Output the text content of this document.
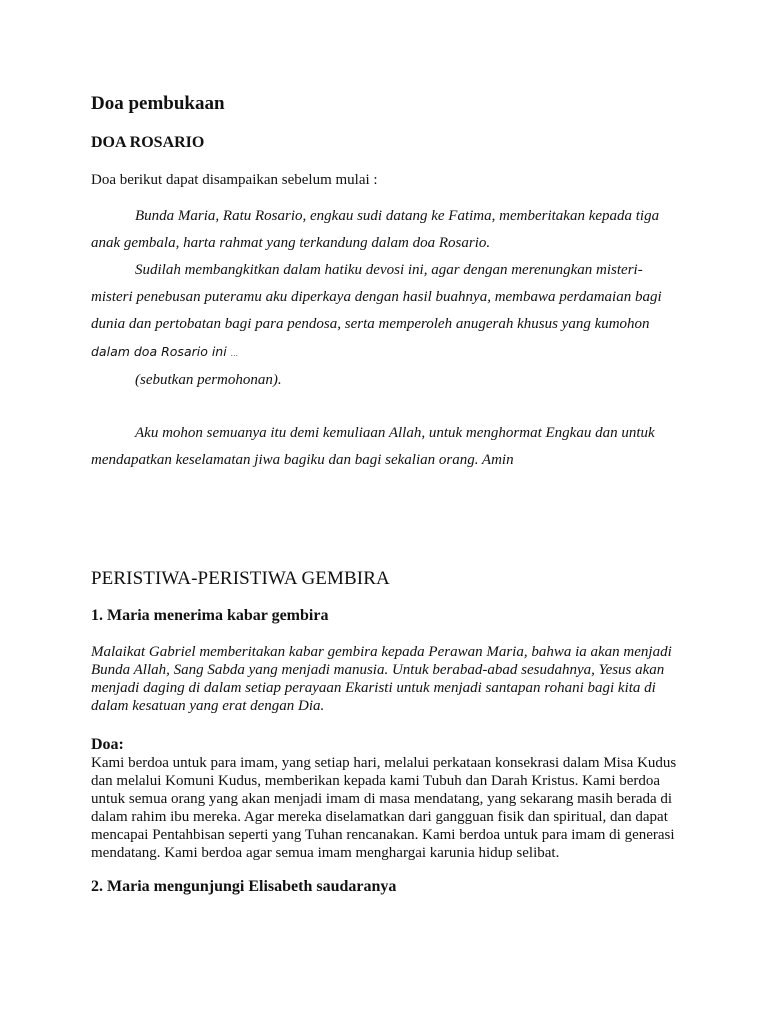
Doa pembukaan
DOA ROSARIO

Doa berikut dapat disampaikan sebelum mulai :

Bunda Maria, Ratu Rosario, engkau sudi datang ke Fatima, memberitakan kepada tiga anak gembala, harta rahmat yang terkandung dalam doa Rosario.

Sudilah membangkitkan dalam hatiku devosi ini, agar dengan merenungkan misteri-misteri penebusan puteramu aku diperkaya dengan hasil buahnya, membawa perdamaian bagi dunia dan pertobatan bagi para pendosa, serta memperoleh anugerah khusus yang kumohon dalam doa Rosario ini ...

(sebutkan permohonan).

Aku mohon semuanya itu demi kemuliaan Allah, untuk menghormat Engkau dan untuk mendapatkan keselamatan jiwa bagiku dan bagi sekalian orang. Amin

PERISTIWA-PERISTIWA GEMBIRA
1. Maria menerima kabar gembira

Malaikat Gabriel memberitakan kabar gembira kepada Perawan Maria, bahwa ia akan menjadi Bunda Allah, Sang Sabda yang menjadi manusia. Untuk berabad-abad sesudahnya, Yesus akan menjadi daging di dalam setiap perayaan Ekaristi untuk menjadi santapan rohani bagi kita di dalam kesatuan yang erat dengan Dia.

Doa:
Kami berdoa untuk para imam, yang setiap hari, melalui perkataan konsekrasi dalam Misa Kudus dan melalui Komuni Kudus, memberikan kepada kami Tubuh dan Darah Kristus. Kami berdoa untuk semua orang yang akan menjadi imam di masa mendatang, yang sekarang masih berada di dalam rahim ibu mereka. Agar mereka diselamatkan dari gangguan fisik dan spiritual, dan dapat mencapai Pentahbisan seperti yang Tuhan rencanakan. Kami berdoa untuk para imam di generasi mendatang. Kami berdoa agar semua imam menghargai karunia hidup selibat.
2. Maria mengunjungi Elisabeth saudaranya
